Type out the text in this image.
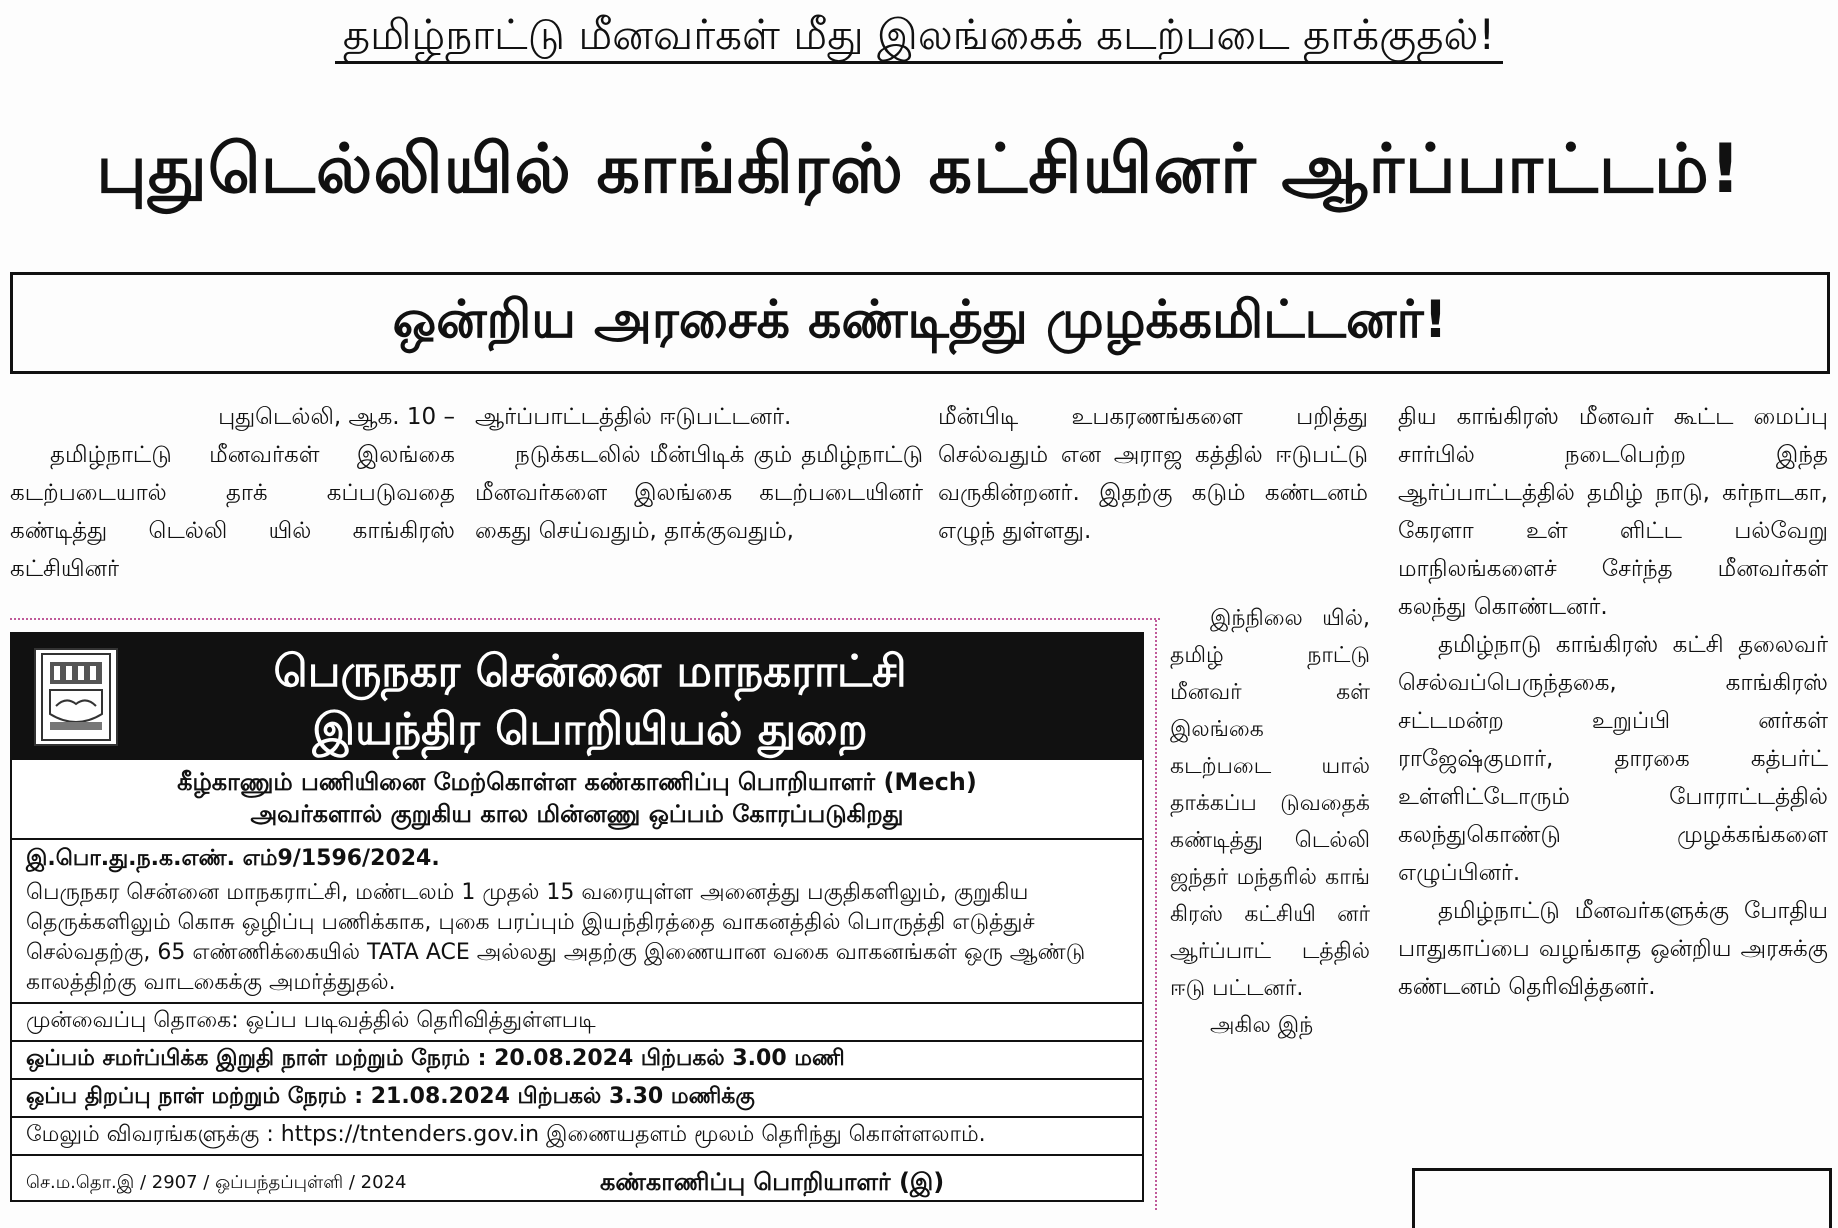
தமிழ்நாட்டு மீனவர்கள் மீது இலங்கைக் கடற்படை தாக்குதல்!
புதுடெல்லியில் காங்கிரஸ் கட்சியினர் ஆர்ப்பாட்டம்!
ஒன்றிய அரசைக் கண்டித்து முழக்கமிட்டனர்!

புதுடெல்லி, ஆக. 10 –

தமிழ்நாட்டு மீனவர்கள் இலங்கை கடற்படையால் தாக் கப்படுவதை கண்டித்து டெல்லி யில் காங்கிரஸ் கட்சியினர்

ஆர்ப்பாட்டத்தில் ஈடுபட்டனர்.

நடுக்கடலில் மீன்பிடிக் கும் தமிழ்நாட்டு மீனவர்களை இலங்கை கடற்படையினர் கைது செய்வதும், தாக்குவதும்,

மீன்பிடி உபகரணங்களை பறித்து செல்வதும் என அராஜ கத்தில் ஈடுபட்டு வருகின்றனர். இதற்கு கடும் கண்டனம் எழுந் துள்ளது.

இந்நிலை யில், தமிழ் நாட்டு மீனவர் கள் இலங்கை கடற்படை யால் தாக்கப்ப டுவதைக் கண்டித்து டெல்லி ஜந்தர் மந்தரில் காங் கிரஸ் கட்சியி னர் ஆர்ப்பாட் டத்தில் ஈடு பட்டனர்.

அகில இந்

திய காங்கிரஸ் மீனவர் கூட்ட மைப்பு சார்பில் நடைபெற்ற இந்த ஆர்ப்பாட்டத்தில் தமிழ் நாடு, கர்நாடகா, கேரளா உள் ளிட்ட பல்வேறு மாநிலங்களைச் சேர்ந்த மீனவர்கள் கலந்து கொண்டனர்.

தமிழ்நாடு காங்கிரஸ் கட்சி தலைவர் செல்வப்பெருந்தகை, காங்கிரஸ் சட்டமன்ற உறுப்பி னர்கள் ராஜேஷ்குமார், தாரகை கத்பர்ட் உள்ளிட்டோரும் போராட்டத்தில் கலந்துகொண்டு முழக்கங்களை எழுப்பினர்.

தமிழ்நாட்டு மீனவர்களுக்கு போதிய பாதுகாப்பை வழங்காத ஒன்றிய அரசுக்கு கண்டனம் தெரிவித்தனர்.

பெருநகர சென்னை மாநகராட்சி
இயந்திர பொறியியல் துறை
கீழ்காணும் பணியினை மேற்கொள்ள கண்காணிப்பு பொறியாளர் (Mech)
அவர்களால் குறுகிய கால மின்னணு ஒப்பம் கோரப்படுகிறது
இ.பொ.து.ந.க.எண். எம்9/1596/2024.
பெருநகர சென்னை மாநகராட்சி, மண்டலம் 1 முதல் 15 வரையுள்ள அனைத்து பகுதிகளிலும், குறுகிய தெருக்களிலும் கொசு ஒழிப்பு பணிக்காக, புகை பரப்பும் இயந்திரத்தை வாகனத்தில் பொருத்தி எடுத்துச் செல்வதற்கு, 65 எண்ணிக்கையில் TATA ACE அல்லது அதற்கு இணையான வகை வாகனங்கள் ஒரு ஆண்டு காலத்திற்கு வாடகைக்கு அமர்த்துதல்.
முன்வைப்பு தொகை: ஒப்ப படிவத்தில் தெரிவித்துள்ளபடி
ஒப்பம் சமர்ப்பிக்க இறுதி நாள் மற்றும் நேரம் : 20.08.2024 பிற்பகல் 3.00 மணி
ஒப்ப திறப்பு நாள் மற்றும் நேரம் : 21.08.2024 பிற்பகல் 3.30 மணிக்கு
மேலும் விவரங்களுக்கு : https://tntenders.gov.in இணையதளம் மூலம் தெரிந்து கொள்ளலாம்.
செ.ம.தொ.இ / 2907 / ஒப்பந்தப்புள்ளி / 2024	கண்காணிப்பு பொறியாளர் (இ)
